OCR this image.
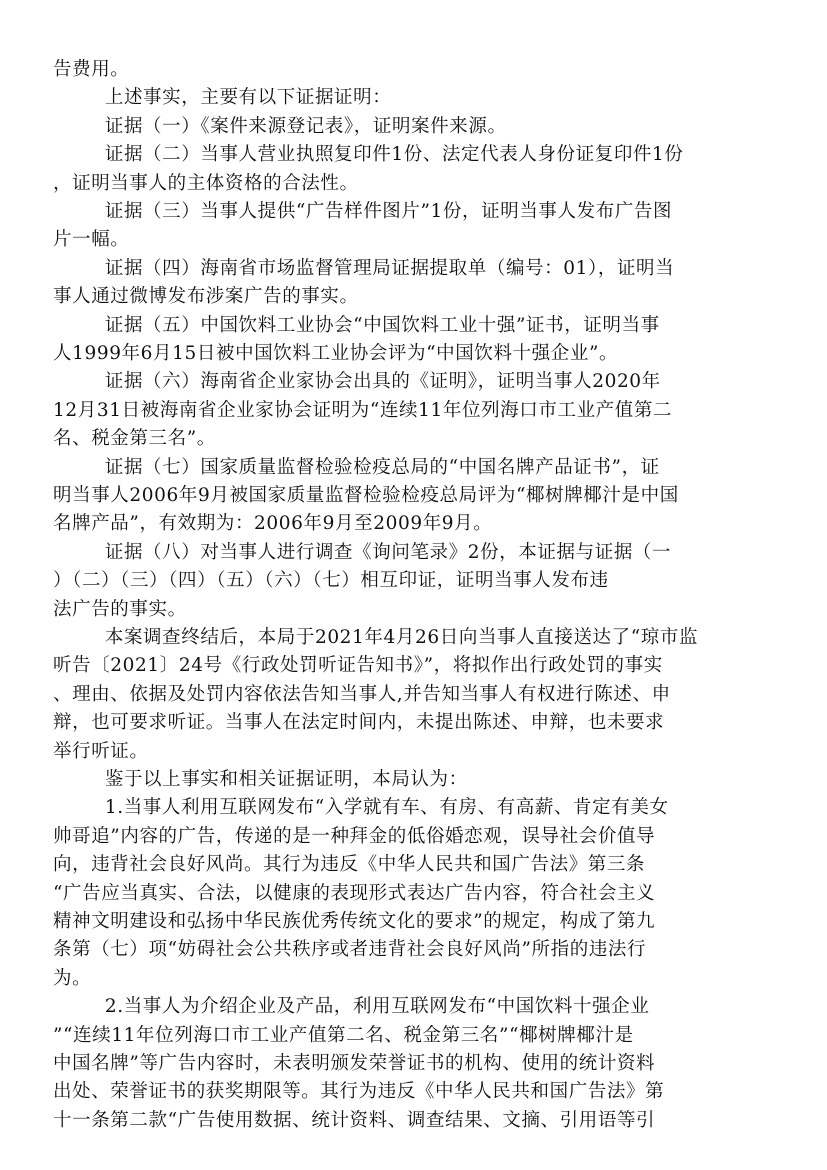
告费用。
上述事实，主要有以下证据证明：
证据（一）《案件来源登记表》，证明案件来源。
证据（二）当事人营业执照复印件1份、法定代表人身份证复印件1份
，证明当事人的主体资格的合法性。
证据（三）当事人提供“广告样件图片”1份，证明当事人发布广告图
片一幅。
证据（四）海南省市场监督管理局证据提取单（编号：01），证明当
事人通过微博发布涉案广告的事实。
证据（五）中国饮料工业协会“中国饮料工业十强”证书，证明当事
人1999年6月15日被中国饮料工业协会评为“中国饮料十强企业”。
证据（六）海南省企业家协会出具的《证明》，证明当事人2020年
12月31日被海南省企业家协会证明为“连续11年位列海口市工业产值第二
名、税金第三名”。
证据（七）国家质量监督检验检疫总局的“中国名牌产品证书”，证
明当事人2006年9月被国家质量监督检验检疫总局评为“椰树牌椰汁是中国
名牌产品”，有效期为：2006年9月至2009年9月。
证据（八）对当事人进行调查《询问笔录》2份，本证据与证据（一
）（二）（三）（四）（五）（六）（七）相互印证，证明当事人发布违
法广告的事实。
本案调查终结后，本局于2021年4月26日向当事人直接送达了“琼市监
听告〔2021〕24号《行政处罚听证告知书》”，将拟作出行政处罚的事实
、理由、依据及处罚内容依法告知当事人,并告知当事人有权进行陈述、申
辩，也可要求听证。当事人在法定时间内，未提出陈述、申辩，也未要求
举行听证。
鉴于以上事实和相关证据证明，本局认为：
1.当事人利用互联网发布“入学就有车、有房、有高薪、肯定有美女
帅哥追”内容的广告，传递的是一种拜金的低俗婚恋观，误导社会价值导
向，违背社会良好风尚。其行为违反《中华人民共和国广告法》第三条
“广告应当真实、合法，以健康的表现形式表达广告内容，符合社会主义
精神文明建设和弘扬中华民族优秀传统文化的要求”的规定，构成了第九
条第（七）项“妨碍社会公共秩序或者违背社会良好风尚”所指的违法行
为。
2.当事人为介绍企业及产品，利用互联网发布“中国饮料十强企业
”“连续11年位列海口市工业产值第二名、税金第三名”“椰树牌椰汁是
中国名牌”等广告内容时，未表明颁发荣誉证书的机构、使用的统计资料
出处、荣誉证书的获奖期限等。其行为违反《中华人民共和国广告法》第
十一条第二款“广告使用数据、统计资料、调查结果、文摘、引用语等引
